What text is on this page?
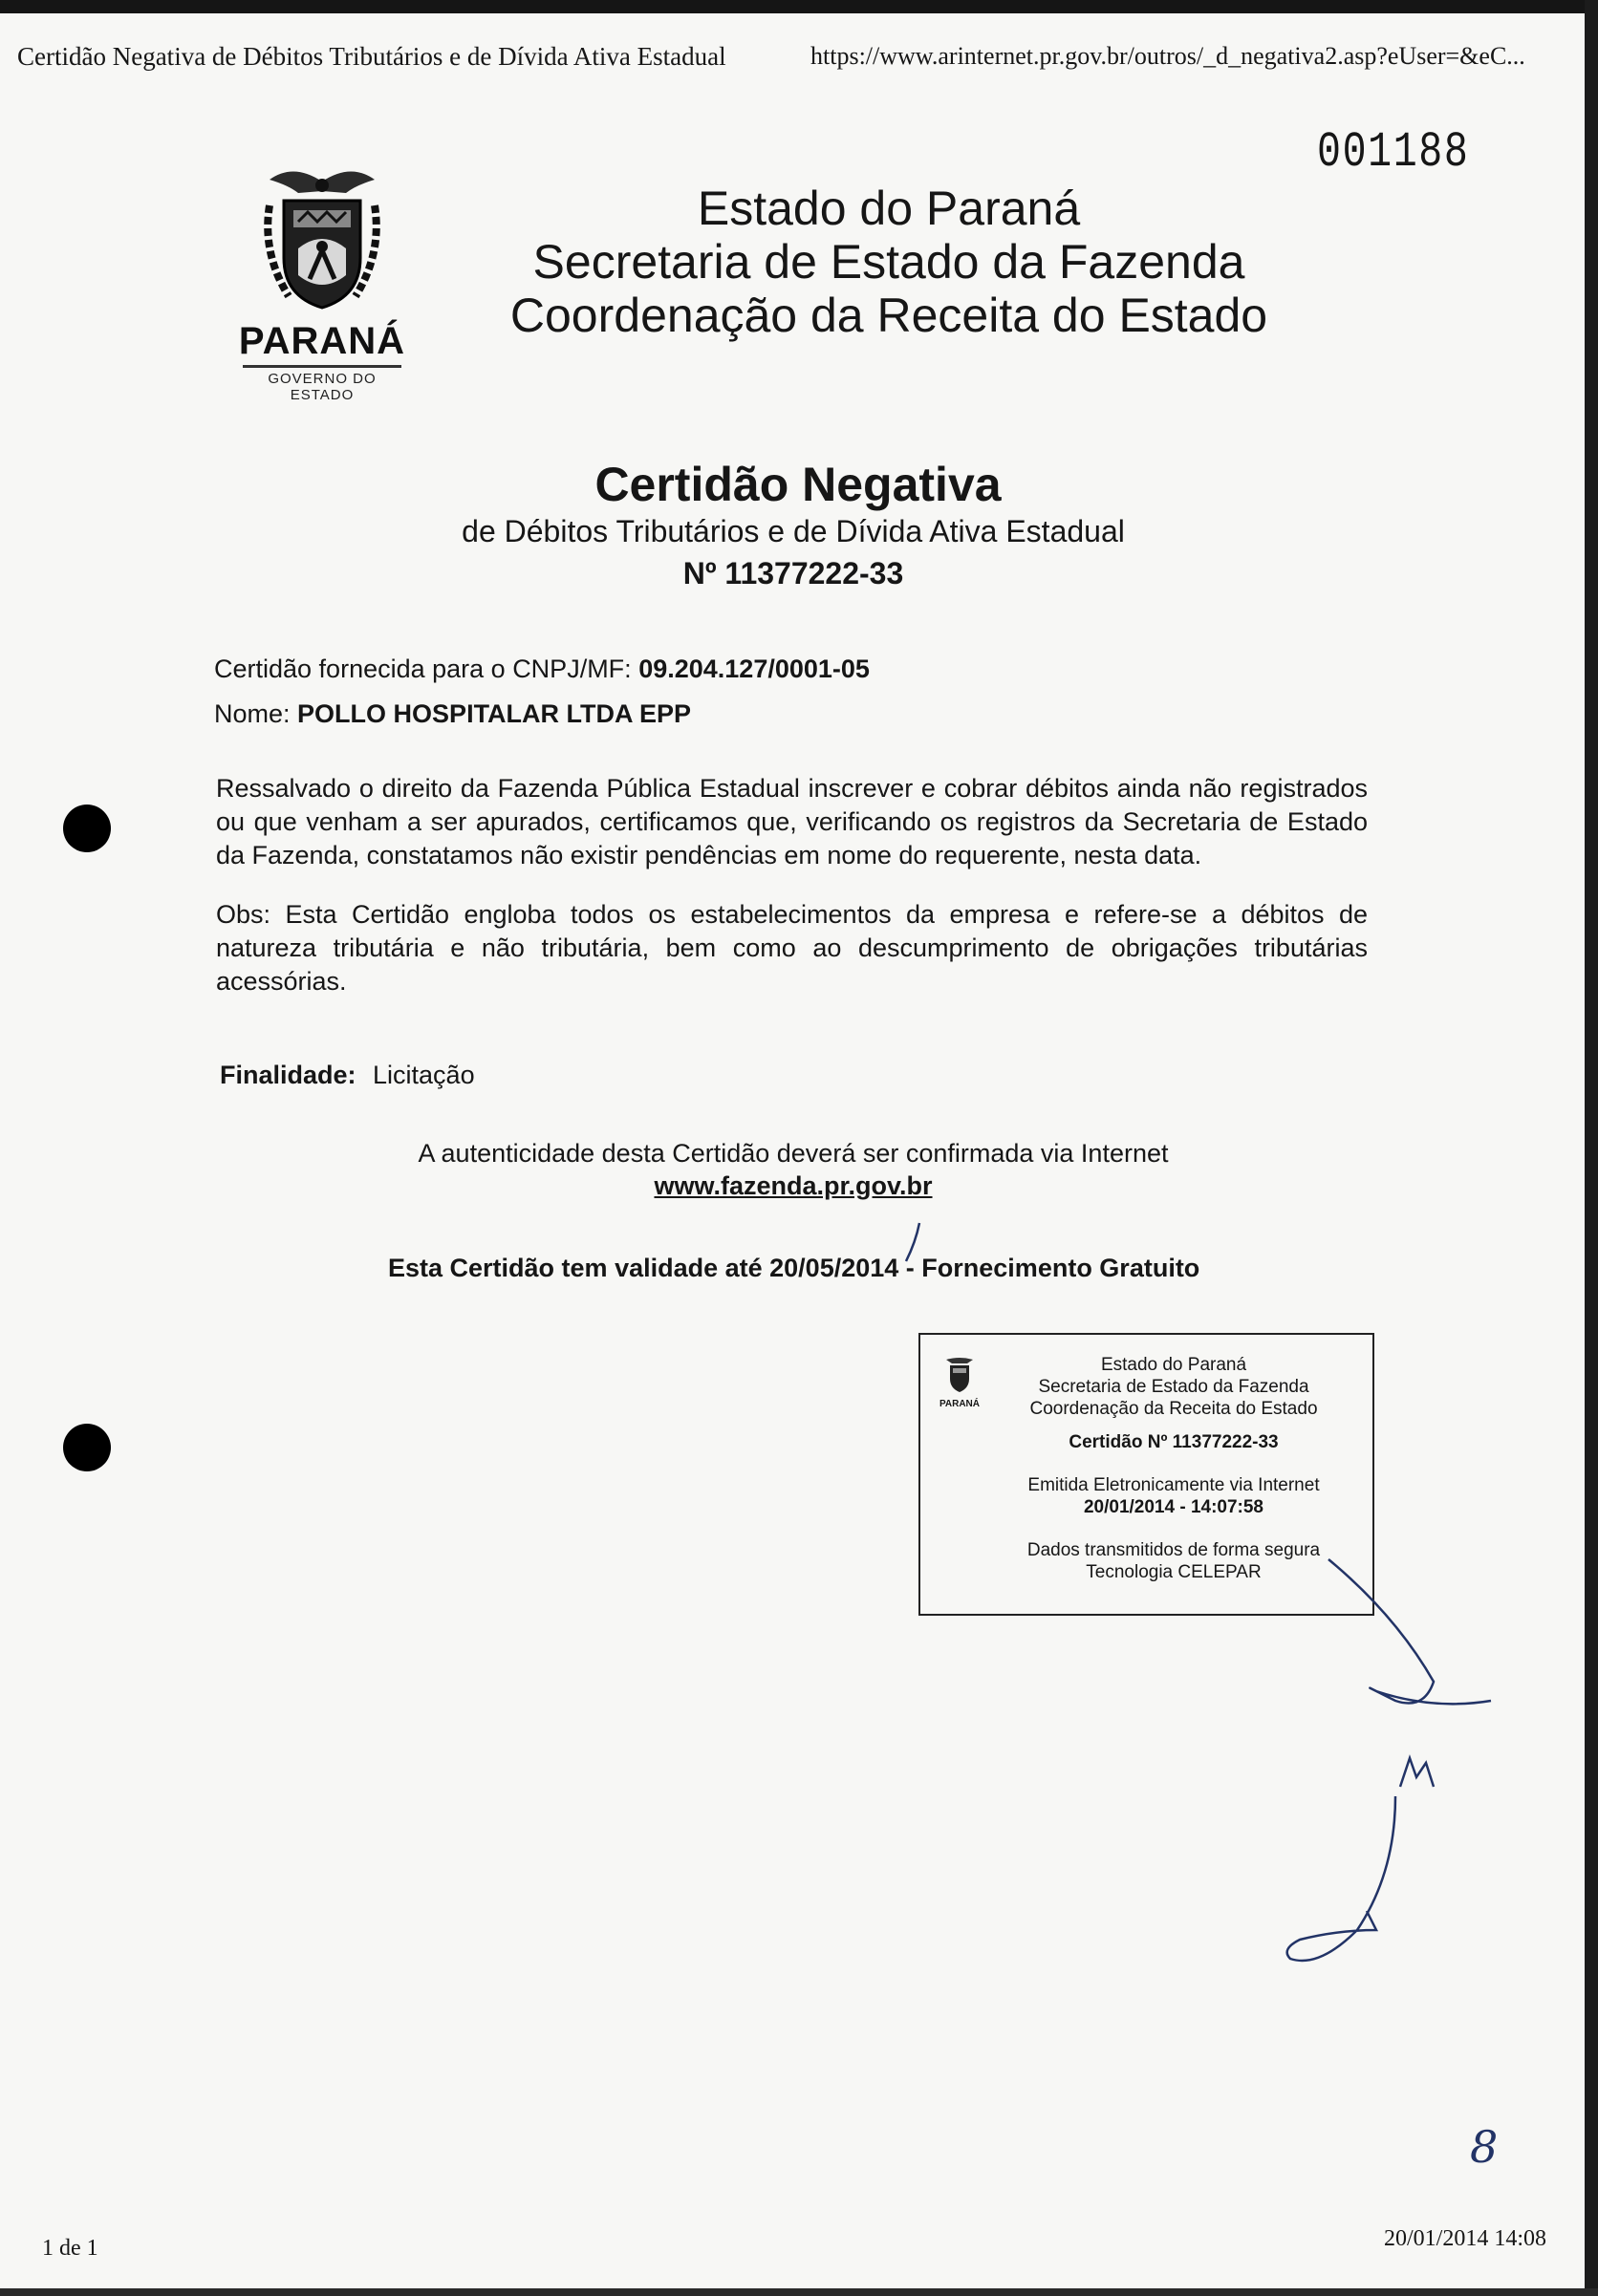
Certidão Negativa de Débitos Tributários e de Dívida Ativa Estadual	https://www.arinternet.pr.gov.br/outros/_d_negativa2.asp?eUser=&eC...
001188
PARANÁ
GOVERNO DO ESTADO
Estado do Paraná
Secretaria de Estado da Fazenda
Coordenação da Receita do Estado
Certidão Negativa
de Débitos Tributários e de Dívida Ativa Estadual
Nº 11377222-33
Certidão fornecida para o CNPJ/MF: 09.204.127/0001-05
Nome: POLLO HOSPITALAR LTDA EPP
Ressalvado o direito da Fazenda Pública Estadual inscrever e cobrar débitos ainda não registrados ou que venham a ser apurados, certificamos que, verificando os registros da Secretaria de Estado da Fazenda, constatamos não existir pendências em nome do requerente, nesta data.
Obs: Esta Certidão engloba todos os estabelecimentos da empresa e refere-se a débitos de natureza tributária e não tributária, bem como ao descumprimento de obrigações tributárias acessórias.
Finalidade: Licitação
A autenticidade desta Certidão deverá ser confirmada via Internet
www.fazenda.pr.gov.br
Esta Certidão tem validade até 20/05/2014 - Fornecimento Gratuito
PARANÁ
Estado do Paraná
Secretaria de Estado da Fazenda
Coordenação da Receita do Estado
Certidão Nº 11377222-33
Emitida Eletronicamente via Internet
20/01/2014 - 14:07:58
Dados transmitidos de forma segura
Tecnologia CELEPAR
8
1 de 1	20/01/2014 14:08
